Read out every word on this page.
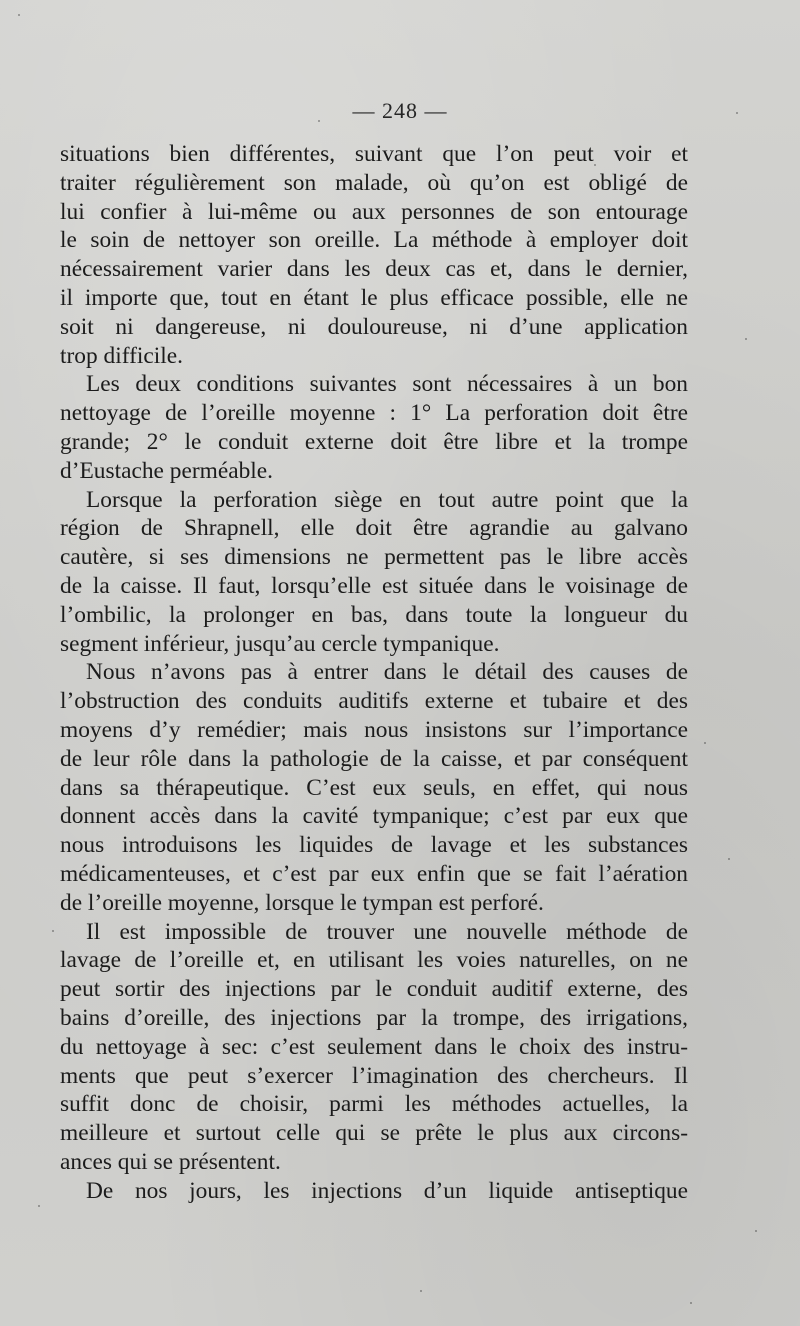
— 248 —
situations bien différentes, suivant que l’on peut voir et
traiter régulièrement son malade, où qu’on est obligé de
lui confier à lui-même ou aux personnes de son entourage
le soin de nettoyer son oreille. La méthode à employer doit
nécessairement varier dans les deux cas et, dans le dernier,
il importe que, tout en étant le plus efficace possible, elle ne
soit ni dangereuse, ni douloureuse, ni d’une application
trop difficile.
Les deux conditions suivantes sont nécessaires à un bon
nettoyage de l’oreille moyenne : 1° La perforation doit être
grande; 2° le conduit externe doit être libre et la trompe
d’Eustache perméable.
Lorsque la perforation siège en tout autre point que la
région de Shrapnell, elle doit être agrandie au galvano
cautère, si ses dimensions ne permettent pas le libre accès
de la caisse. Il faut, lorsqu’elle est située dans le voisinage de
l’ombilic, la prolonger en bas, dans toute la longueur du
segment inférieur, jusqu’au cercle tympanique.
Nous n’avons pas à entrer dans le détail des causes de
l’obstruction des conduits auditifs externe et tubaire et des
moyens d’y remédier; mais nous insistons sur l’importance
de leur rôle dans la pathologie de la caisse, et par conséquent
dans sa thérapeutique. C’est eux seuls, en effet, qui nous
donnent accès dans la cavité tympanique; c’est par eux que
nous introduisons les liquides de lavage et les substances
médicamenteuses, et c’est par eux enfin que se fait l’aération
de l’oreille moyenne, lorsque le tympan est perforé.
Il est impossible de trouver une nouvelle méthode de
lavage de l’oreille et, en utilisant les voies naturelles, on ne
peut sortir des injections par le conduit auditif externe, des
bains d’oreille, des injections par la trompe, des irrigations,
du nettoyage à sec: c’est seulement dans le choix des instru-
ments que peut s’exercer l’imagination des chercheurs. Il
suffit donc de choisir, parmi les méthodes actuelles, la
meilleure et surtout celle qui se prête le plus aux circons-
ances qui se présentent.
De nos jours, les injections d’un liquide antiseptique
